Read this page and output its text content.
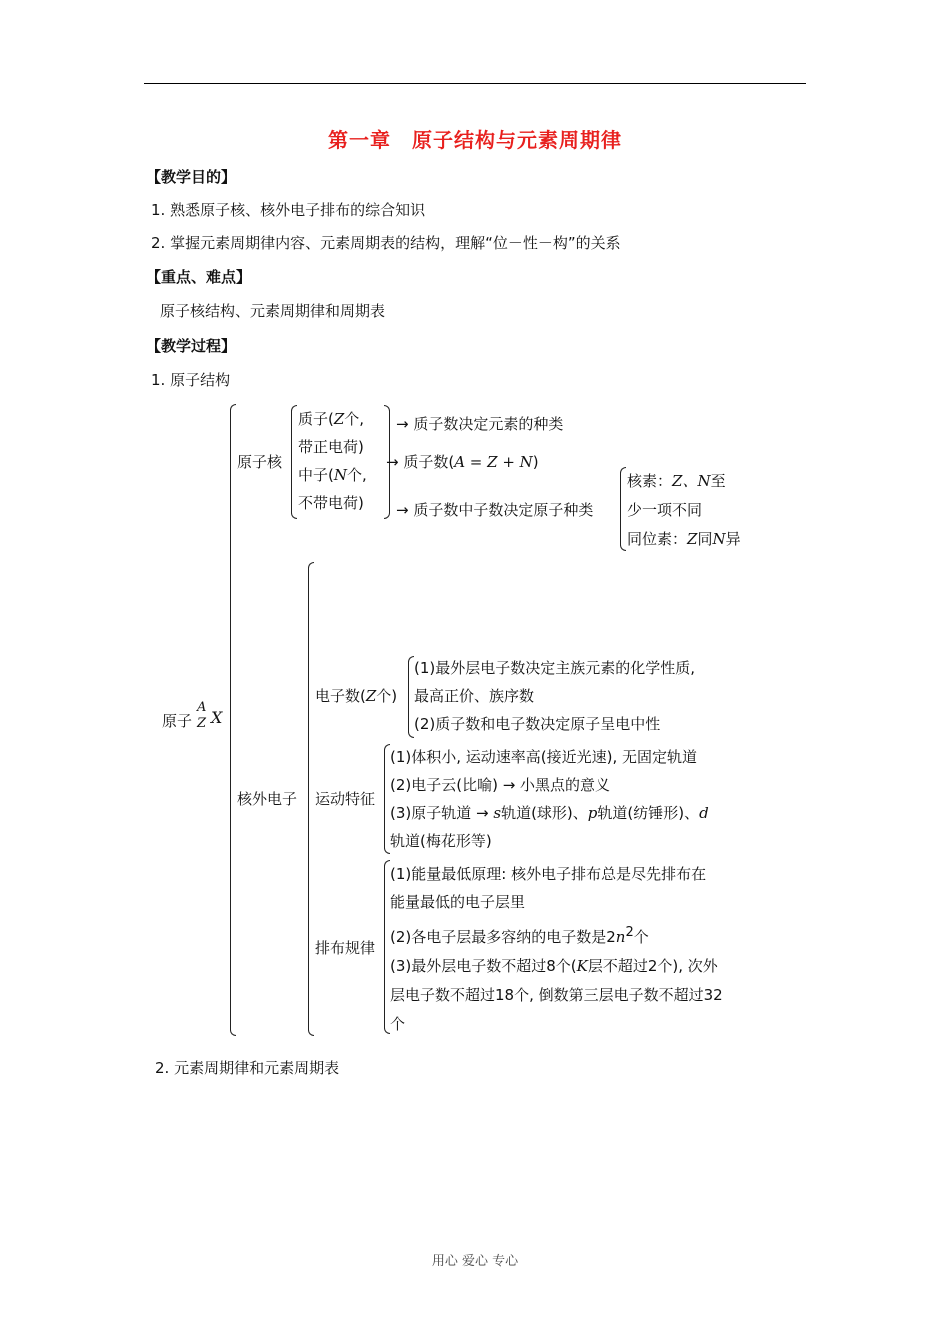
第一章　原子结构与元素周期律
【教学目的】
1. 熟悉原子核、核外电子排布的综合知识
2. 掌握元素周期律内容、元素周期表的结构，理解“位－性－构”的关系
【重点、难点】
原子核结构、元素周期律和周期表
【教学过程】
1. 原子结构
原子
A
Z X
原子核
质子(Z个,
带正电荷)
中子(N个,
不带电荷)
→ 质子数决定元素的种类
→ 质子数(A = Z + N)
→ 质子数中子数决定原子种类
核素：Z、N至
少一项不同
同位素：Z同N异
核外电子
电子数(Z个)
(1)最外层电子数决定主族元素的化学性质,
最高正价、族序数
(2)质子数和电子数决定原子呈电中性
运动特征
(1)体积小, 运动速率高(接近光速), 无固定轨道
(2)电子云(比喻) → 小黑点的意义
(3)原子轨道 → s轨道(球形)、p轨道(纺锤形)、d
轨道(梅花形等)
排布规律
(1)能量最低原理: 核外电子排布总是尽先排布在
能量最低的电子层里
(2)各电子层最多容纳的电子数是$2n^2$个
(3)最外层电子数不超过8个(K层不超过2个), 次外
层电子数不超过18个, 倒数第三层电子数不超过32
个
2. 元素周期律和元素周期表
用心 爱心 专心
